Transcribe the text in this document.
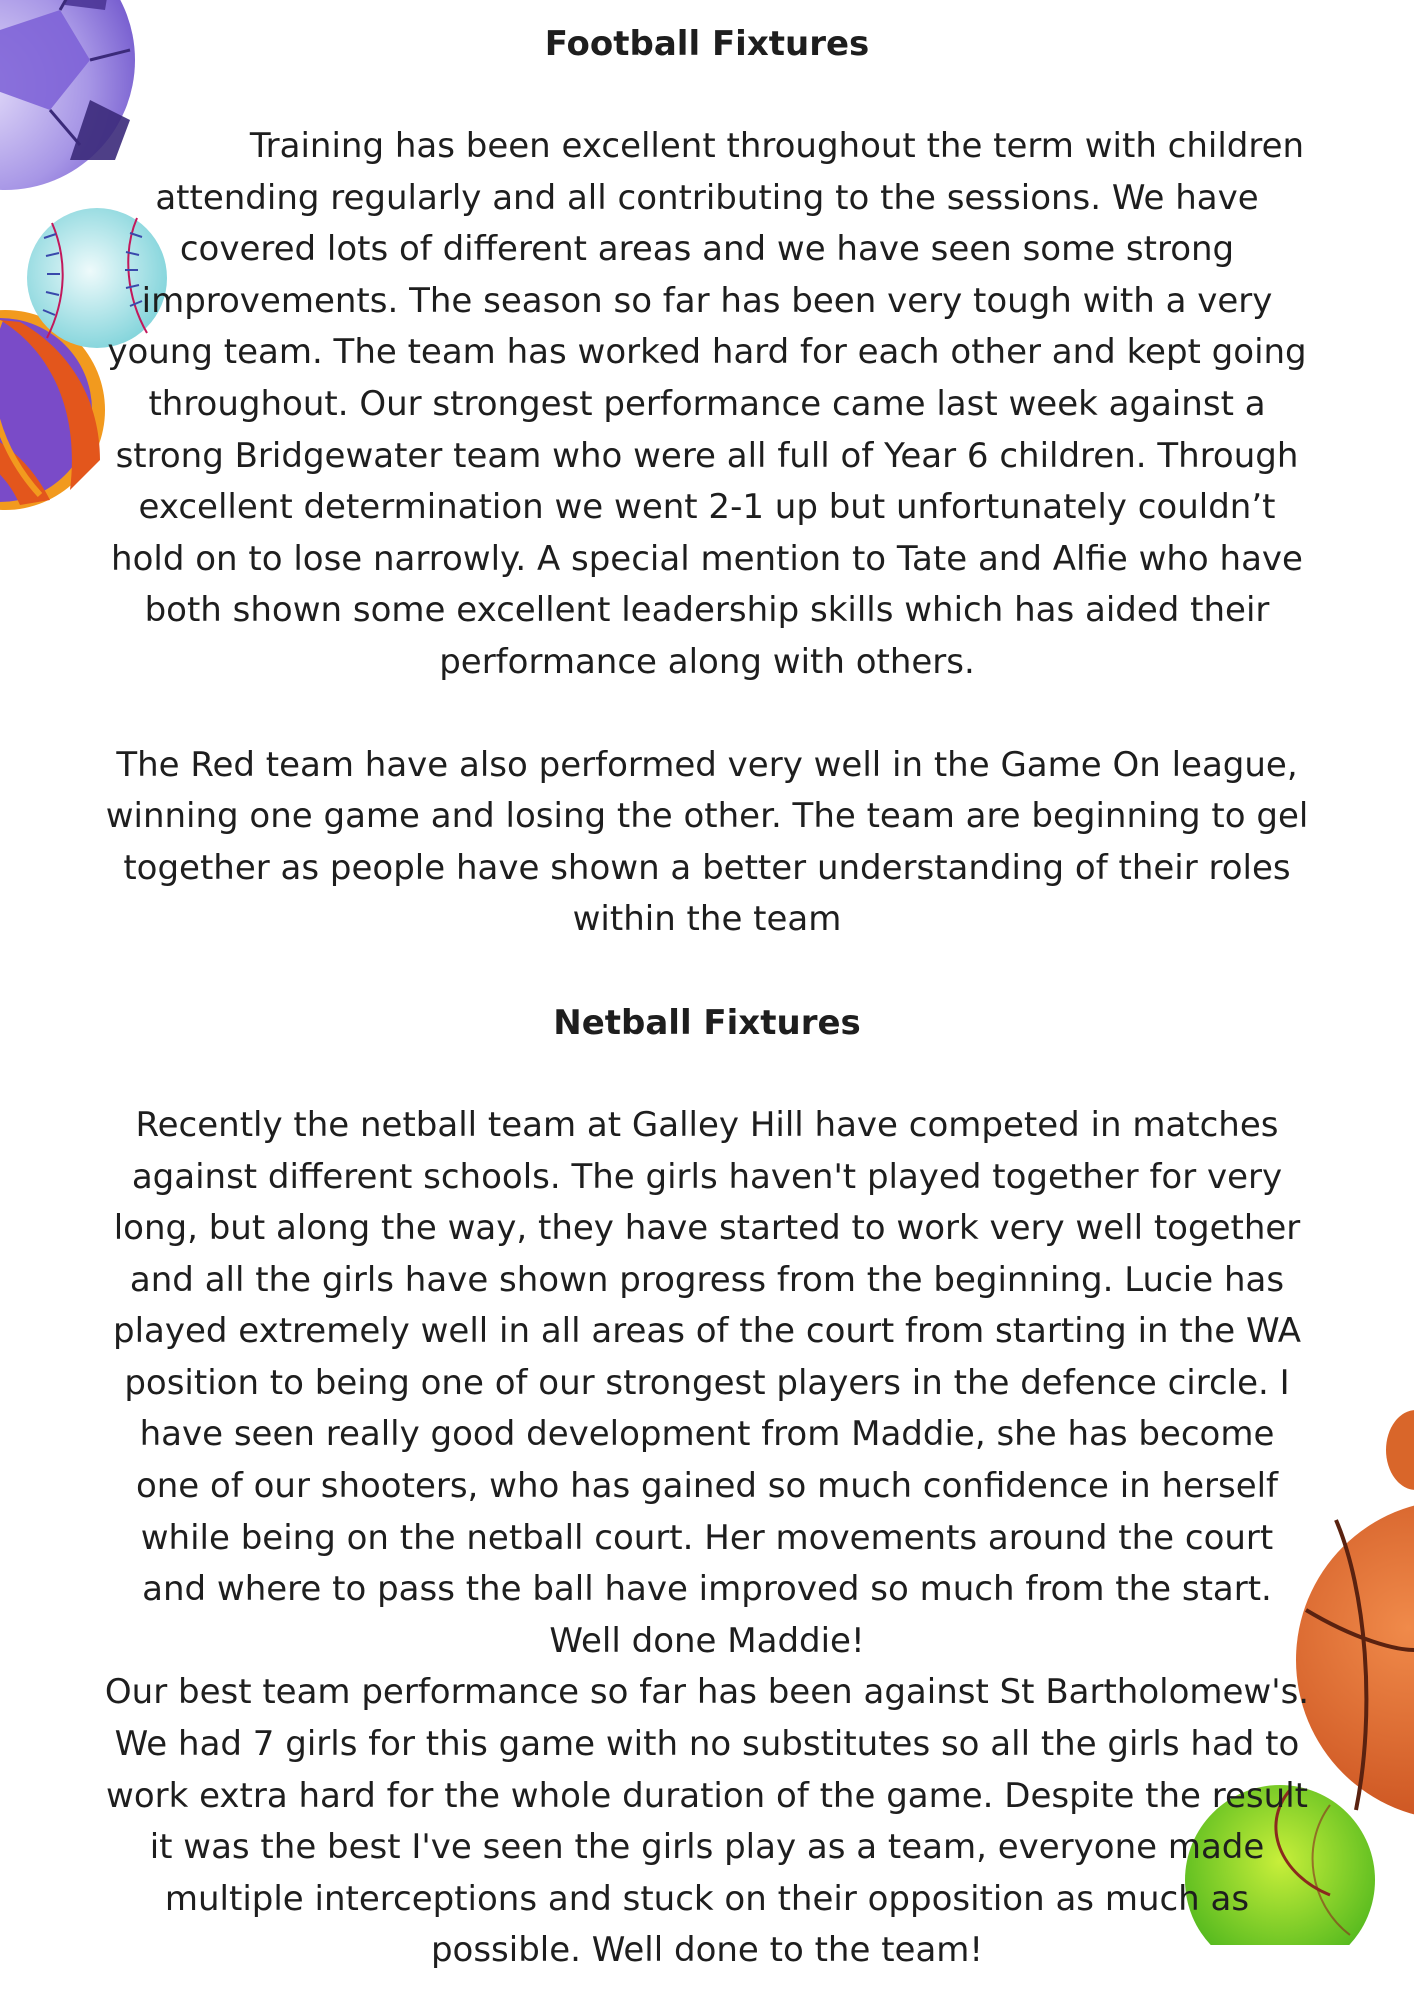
Football Fixtures

Training has been excellent throughout the term with children
attending regularly and all contributing to the sessions. We have
covered lots of different areas and we have seen some strong
improvements. The season so far has been very tough with a very
young team. The team has worked hard for each other and kept going
throughout. Our strongest performance came last week against a
strong Bridgewater team who were all full of Year 6 children. Through
excellent determination we went 2-1 up but unfortunately couldn’t
hold on to lose narrowly. A special mention to Tate and Alfie who have
both shown some excellent leadership skills which has aided their
performance along with others.

The Red team have also performed very well in the Game On league,
winning one game and losing the other. The team are beginning to gel
together as people have shown a better understanding of their roles
within the team

Netball Fixtures

Recently the netball team at Galley Hill have competed in matches
against different schools. The girls haven't played together for very
long, but along the way, they have started to work very well together
and all the girls have shown progress from the beginning. Lucie has
played extremely well in all areas of the court from starting in the WA
position to being one of our strongest players in the defence circle. I
have seen really good development from Maddie, she has become
one of our shooters, who has gained so much confidence in herself
while being on the netball court. Her movements around the court
and where to pass the ball have improved so much from the start.
Well done Maddie!

Our best team performance so far has been against St Bartholomew's.
We had 7 girls for this game with no substitutes so all the girls had to
work extra hard for the whole duration of the game. Despite the result
it was the best I've seen the girls play as a team, everyone made
multiple interceptions and stuck on their opposition as much as
possible. Well done to the team!
